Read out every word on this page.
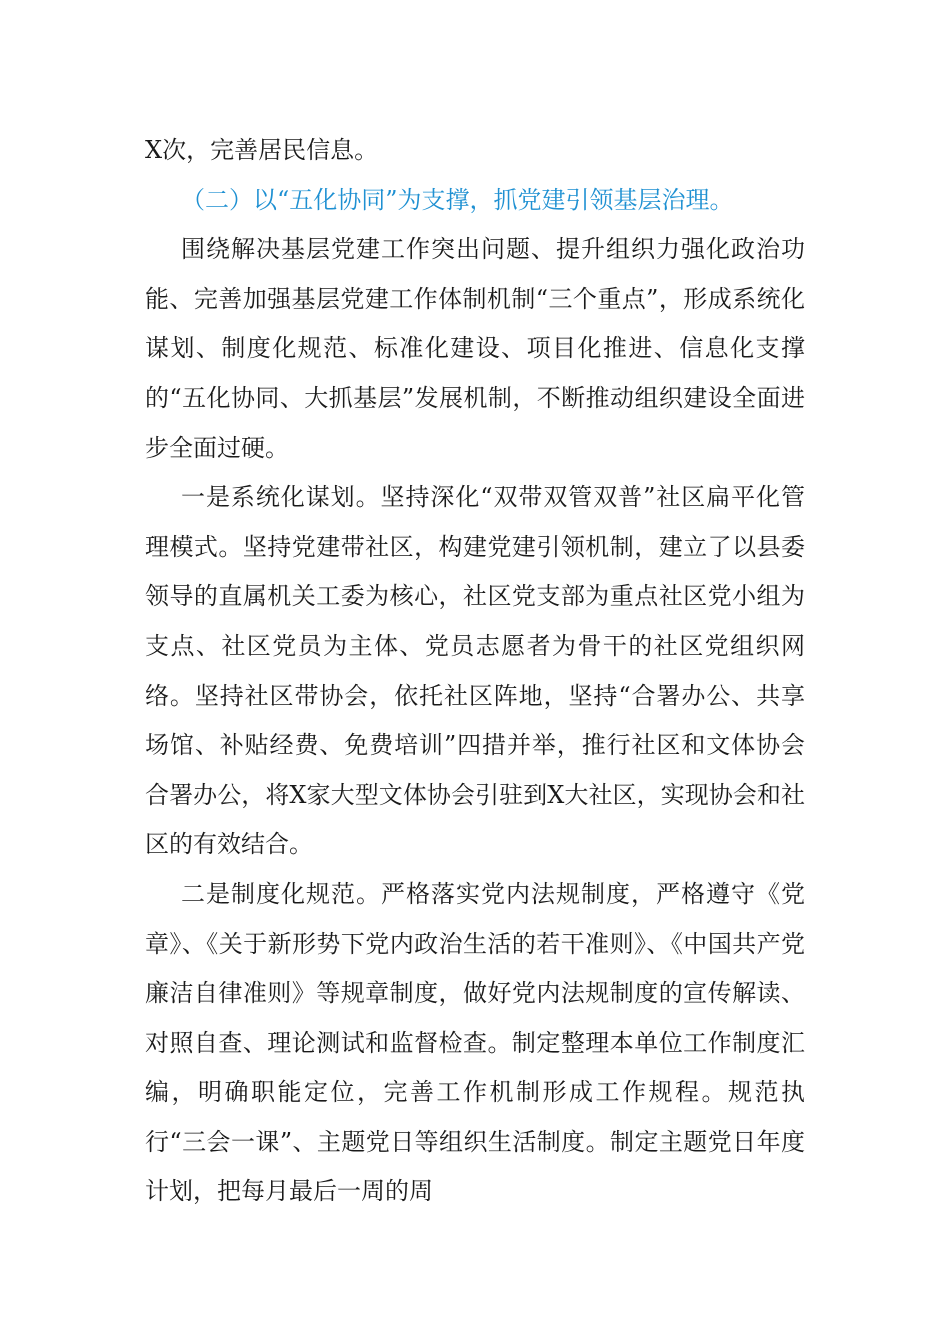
X次，完善居民信息。

（二）以“五化协同”为支撑，抓党建引领基层治理。

围绕解决基层党建工作突出问题、提升组织力强化政治功能、完善加强基层党建工作体制机制“三个重点”，形成系统化谋划、制度化规范、标准化建设、项目化推进、信息化支撑的“五化协同、大抓基层”发展机制，不断推动组织建设全面进步全面过硬。

一是系统化谋划。坚持深化“双带双管双普”社区扁平化管理模式。坚持党建带社区，构建党建引领机制，建立了以县委领导的直属机关工委为核心，社区党支部为重点社区党小组为支点、社区党员为主体、党员志愿者为骨干的社区党组织网络。坚持社区带协会，依托社区阵地，坚持“合署办公、共享场馆、补贴经费、免费培训”四措并举，推行社区和文体协会合署办公，将X家大型文体协会引驻到X大社区，实现协会和社区的有效结合。

二是制度化规范。严格落实党内法规制度，严格遵守《党章》、《关于新形势下党内政治生活的若干准则》、《中国共产党廉洁自律准则》等规章制度，做好党内法规制度的宣传解读、对照自查、理论测试和监督检查。制定整理本单位工作制度汇编，明确职能定位，完善工作机制形成工作规程。规范执行“三会一课”、主题党日等组织生活制度。制定主题党日年度计划，把每月最后一周的周
